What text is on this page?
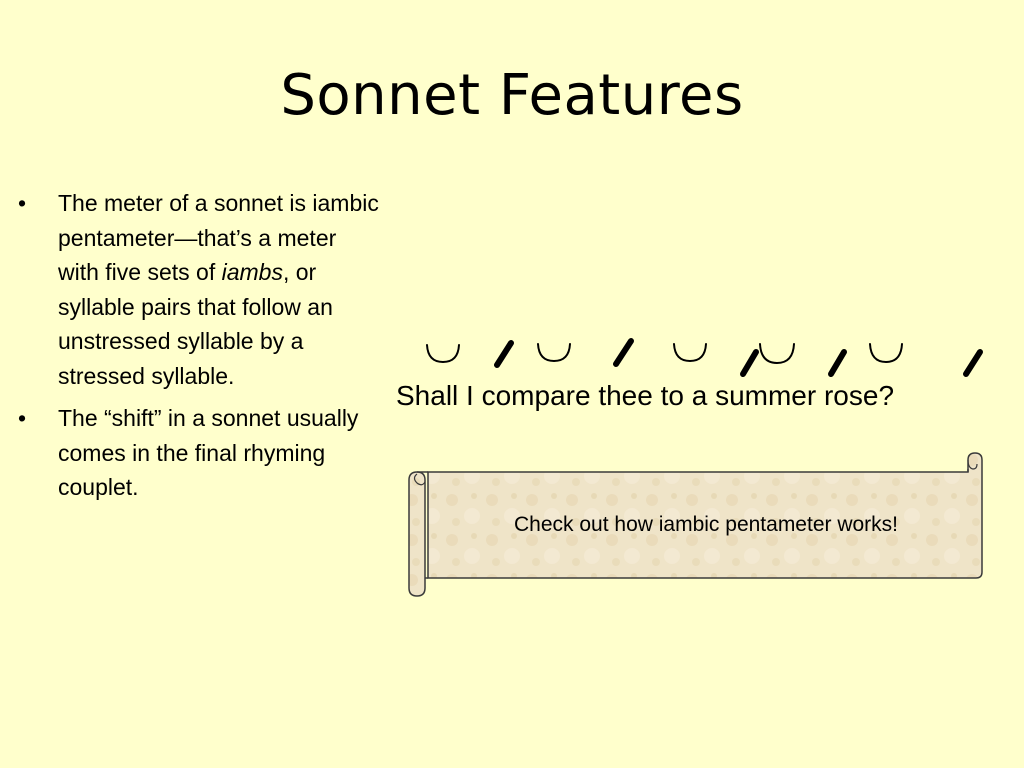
Sonnet Features
•	The meter of a sonnet is iambic pentameter—that’s a meter with five sets of iambs, or syllable pairs that follow an unstressed syllable by a stressed syllable.
•	The “shift” in a sonnet usually comes in the final rhyming couplet.
Shall I compare thee to a summer rose?
Check out how iambic pentameter works!
